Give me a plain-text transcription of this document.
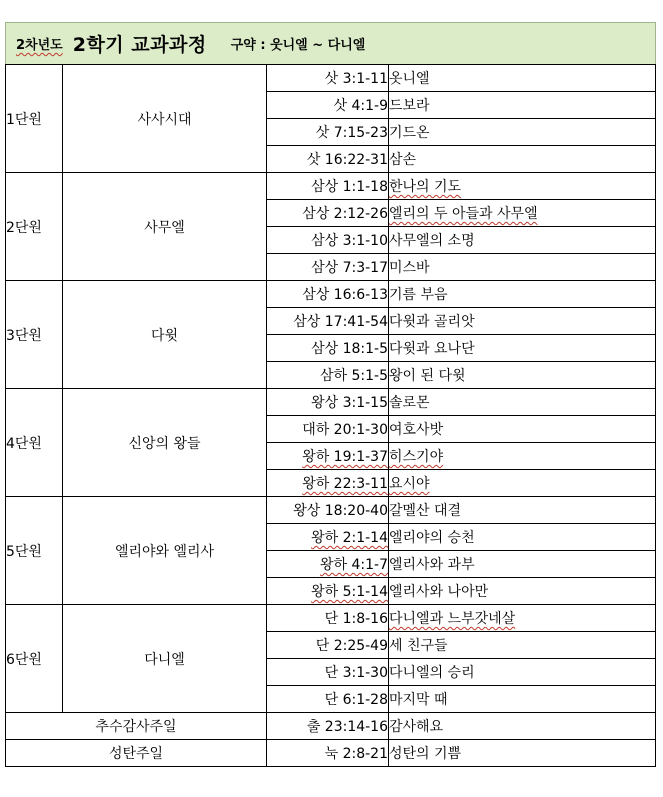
2차년도 2학기 교과과정 구약 : 웃니엘 ~ 다니엘
1단원	사사시대	삿 3:1-11	옷니엘
		삿 4:1-9	드보라
		삿 7:15-23	기드온
		삿 16:22-31	삼손
2단원	사무엘	삼상 1:1-18	한나의 기도
		삼상 2:12-26	엘리의 두 아들과 사무엘
		삼상 3:1-10	사무엘의 소명
		삼상 7:3-17	미스바
3단원	다윗	삼상 16:6-13	기름 부음
		삼상 17:41-54	다윗과 골리앗
		삼상 18:1-5	다윗과 요나단
		삼하 5:1-5	왕이 된 다윗
4단원	신앙의 왕들	왕상 3:1-15	솔로몬
		대하 20:1-30	여호사밧
		왕하 19:1-37	히스기야
		왕하 22:3-11	요시야
5단원	엘리야와 엘리사	왕상 18:20-40	갈멜산 대결
		왕하 2:1-14	엘리야의 승천
		왕하 4:1-7	엘리사와 과부
		왕하 5:1-14	엘리사와 나아만
6단원	다니엘	단 1:8-16	다니엘과 느부갓네살
		단 2:25-49	세 친구들
		단 3:1-30	다니엘의 승리
		단 6:1-28	마지막 때
추수감사주일		출 23:14-16	감사해요
성탄주일		눅 2:8-21	성탄의 기쁨
